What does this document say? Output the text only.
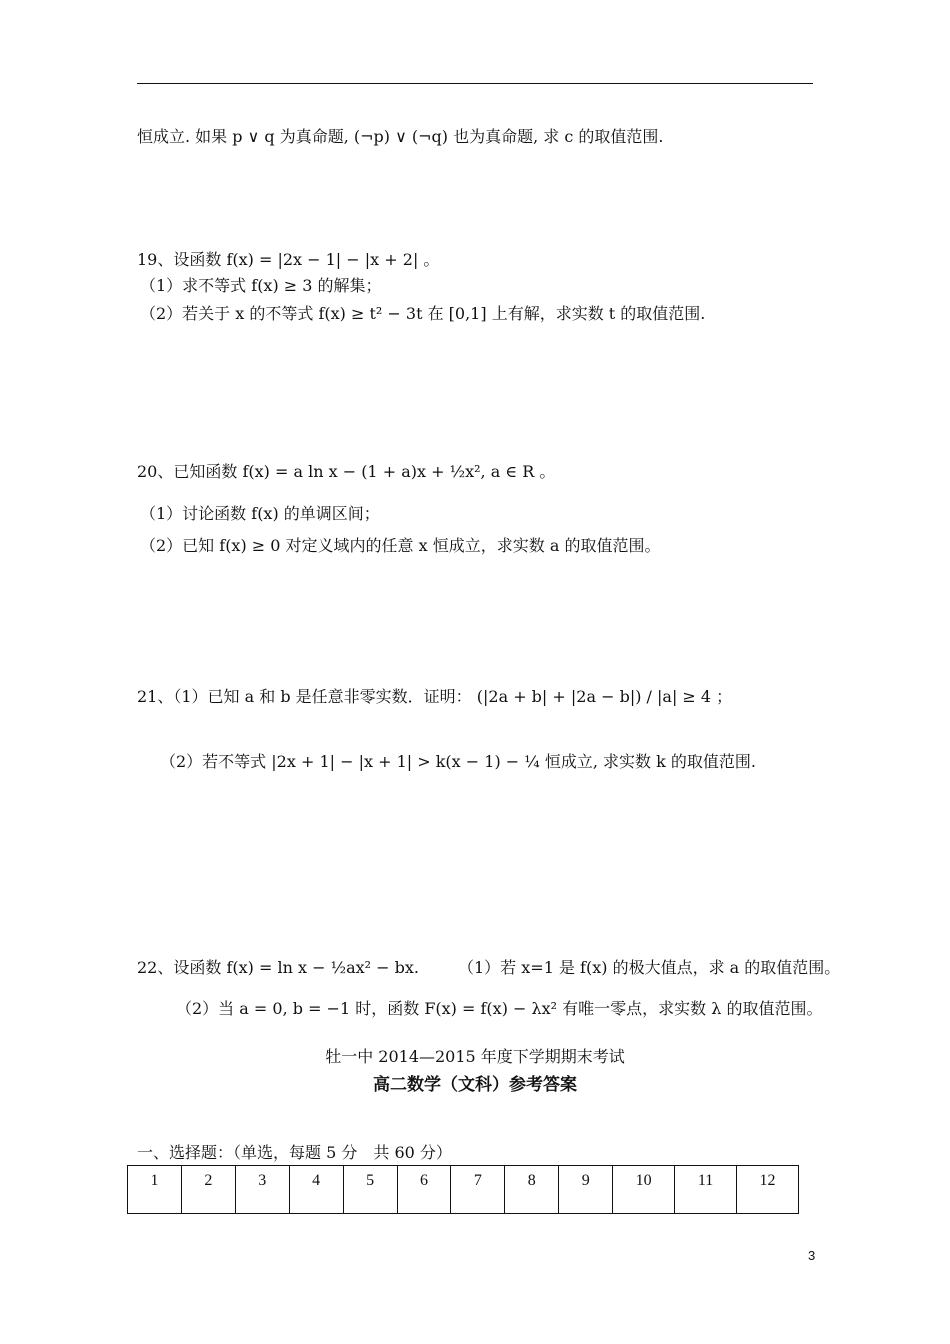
恒成立. 如果 p ∨ q 为真命题, (¬p) ∨ (¬q) 也为真命题, 求 c 的取值范围.
19、设函数 f(x) = |2x − 1| − |x + 2| 。
（1）求不等式 f(x) ≥ 3 的解集；
（2）若关于 x 的不等式 f(x) ≥ t² − 3t 在 [0,1] 上有解，求实数 t 的取值范围.
20、已知函数 f(x) = a ln x − (1 + a)x + ½x², a ∈ R 。
（1）讨论函数 f(x) 的单调区间；
（2）已知 f(x) ≥ 0 对定义域内的任意 x 恒成立，求实数 a 的取值范围。
21、（1）已知 a 和 b 是任意非零实数．证明： (|2a + b| + |2a − b|) / |a| ≥ 4 ；
（2）若不等式 |2x + 1| − |x + 1| > k(x − 1) − ¼ 恒成立, 求实数 k 的取值范围.
22、设函数 f(x) = ln x − ½ax² − bx.	（1）若 x=1 是 f(x) 的极大值点，求 a 的取值范围。
（2）当 a = 0, b = −1 时，函数 F(x) = f(x) − λx² 有唯一零点，求实数 λ 的取值范围。
牡一中 2014—2015 年度下学期期末考试
高二数学（文科）参考答案
一、选择题：（单选，每题 5 分　共 60 分）
1	2	3	4	5	6	7	8	9	10	11	12
3
